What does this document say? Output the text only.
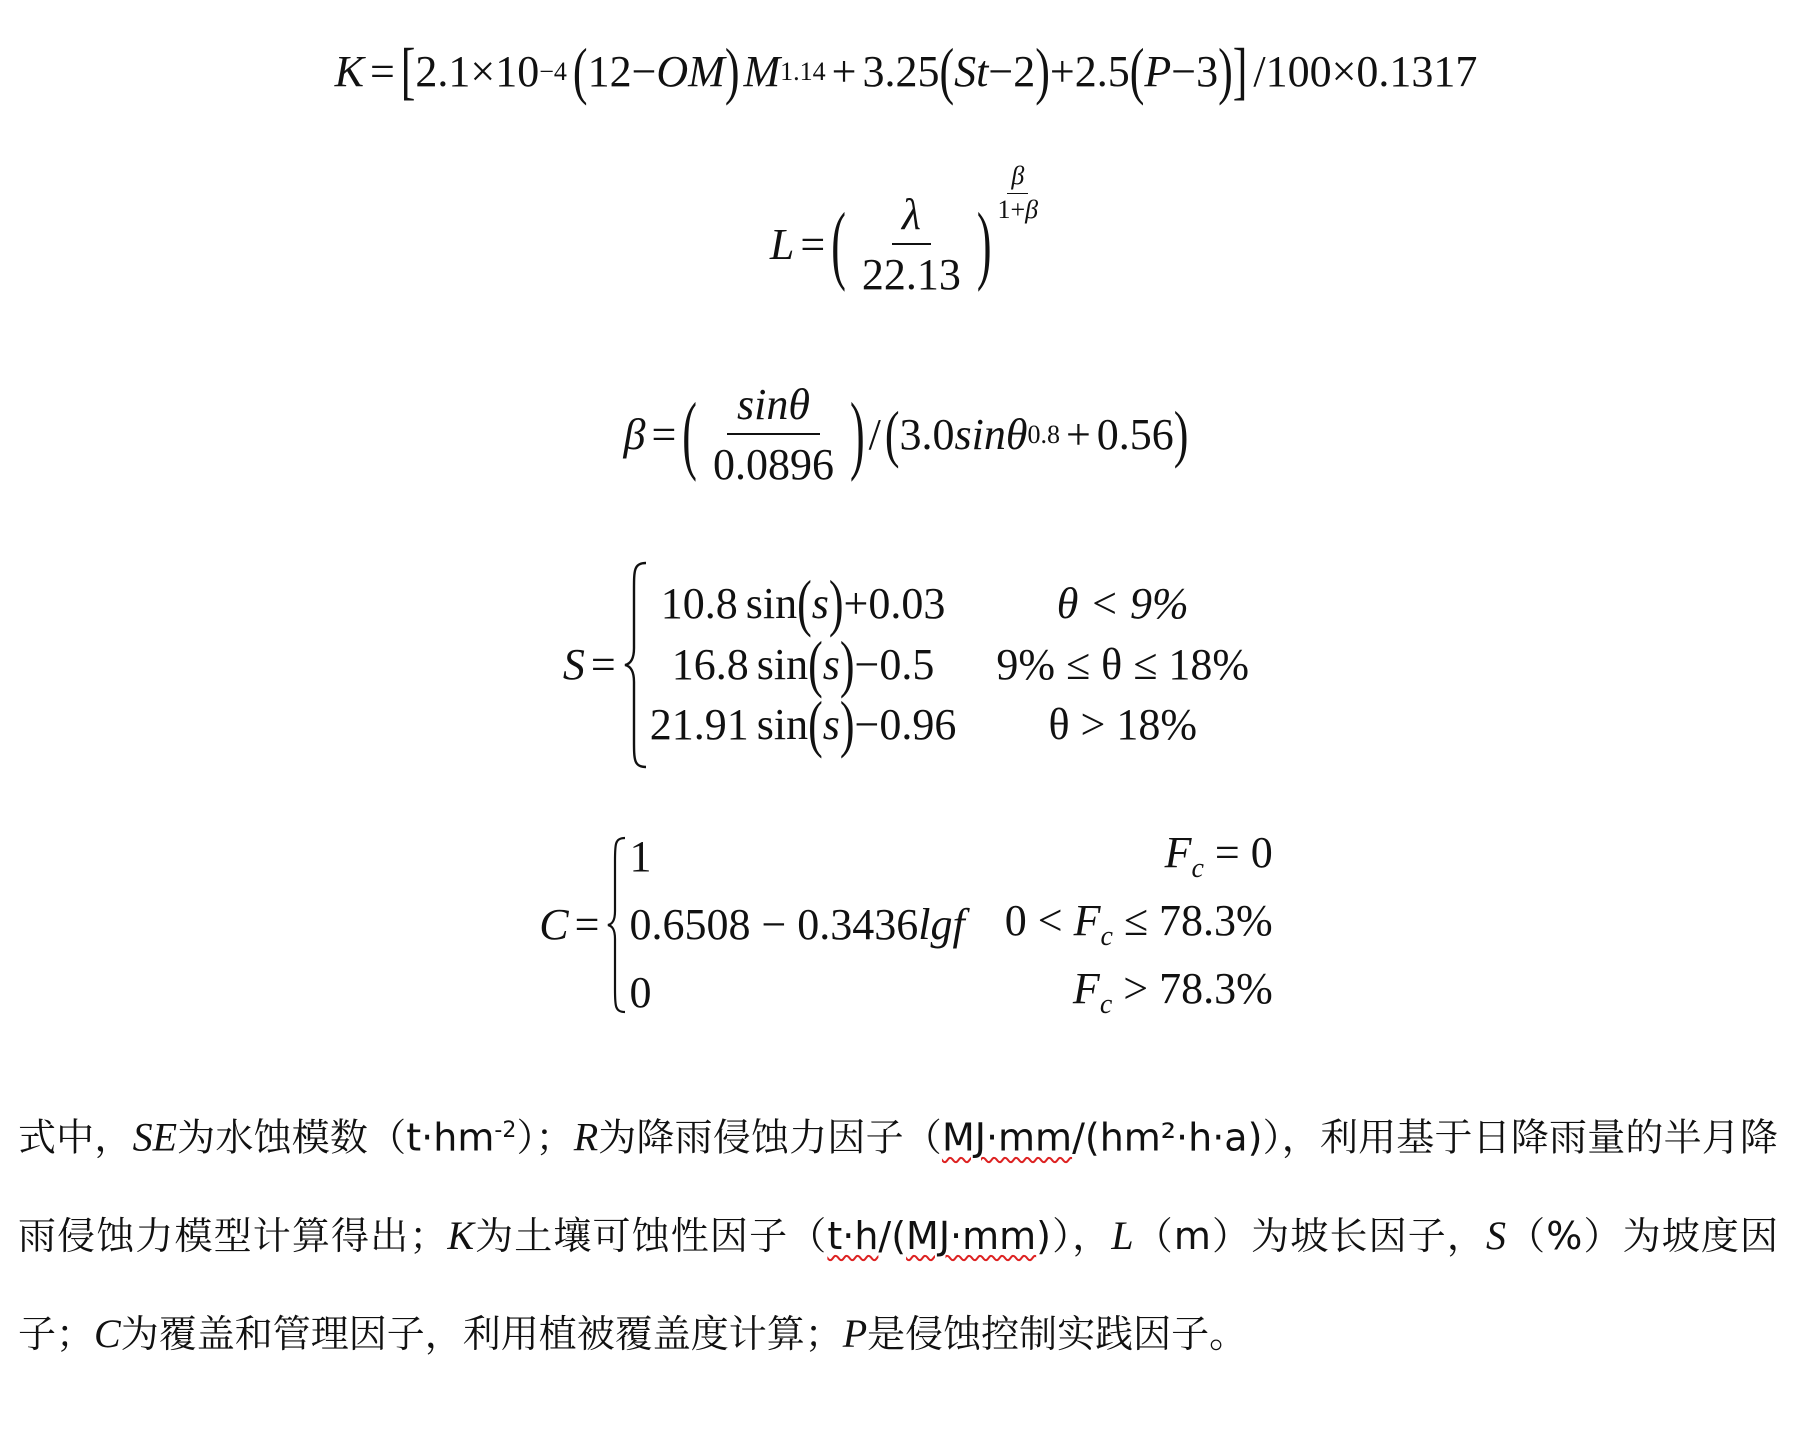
K = [ 2.1 × 10 −4 ( 12 − OM ) M 1.14 + 3.25 ( St − 2 ) + 2.5 ( P − 3 ) ] /100×0.1317
L = ( $\frac{\lambda}{22.13}$ )
$\frac{\beta}{1+\beta}$
β = ( $\frac{\sin\theta}{0.0896}$ ) / ( 3.0 sinθ 0.8 + 0.56 )
S =
10.8 sin(s)+0.03	θ < 9%
16.8 sin(s)−0.5	9% ≤ θ ≤ 18%
21.91 sin(s)−0.96	θ > 18%
C =
1	$F_c = 0$
0.6508 − 0.3436lgf	$0 < F_c \le 78.3\%$
0	$F_c > 78.3\%$
式中，SE为水蚀模数$(t\cdot hm^{-2})$；R为降雨侵蚀力因子（MJ·mm/(hm²·h·a)），利用基于日降雨量的半月降雨侵蚀力模型计算得出；K为土壤可蚀性因子（t·h/(MJ·mm)），L（m）为坡长因子，S（%）为坡度因子；C为覆盖和管理因子，利用植被覆盖度计算；P是侵蚀控制实践因子。
